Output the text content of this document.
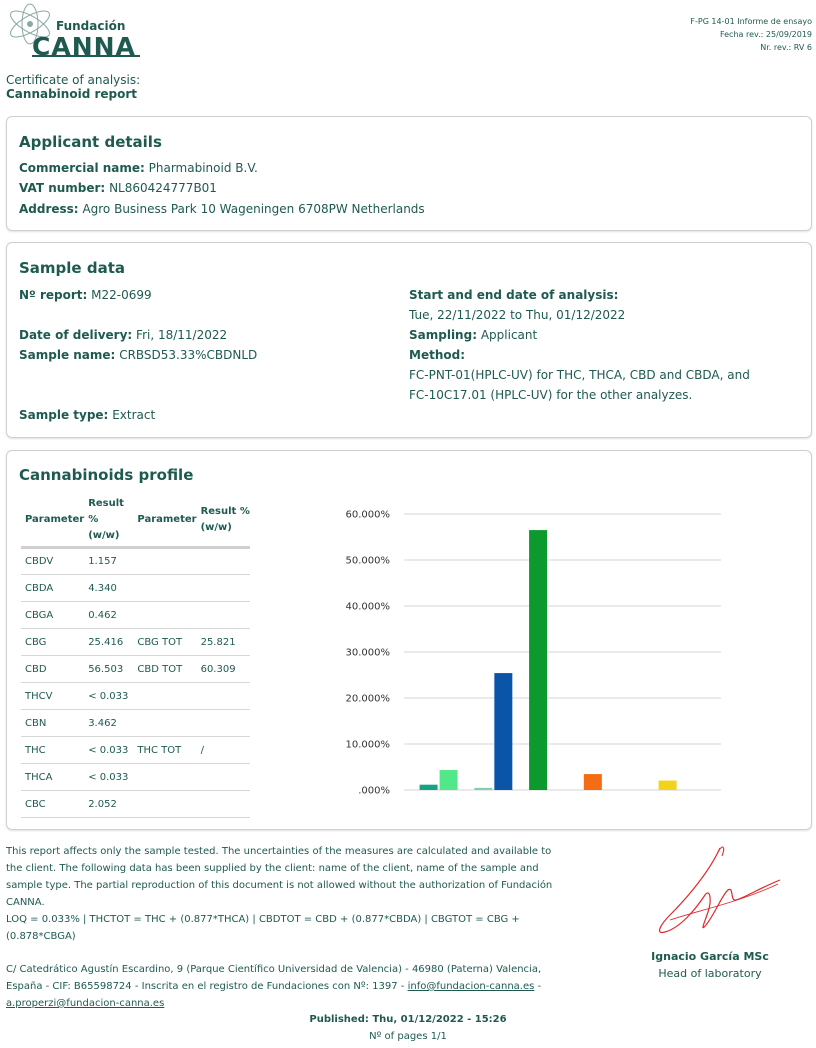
Fundación
CANNA
F-PG 14-01 Informe de ensayo
Fecha rev.: 25/09/2019
Nr. rev.: RV 6
Certificate of analysis:
Cannabinoid report
Applicant details
Commercial name: Pharmabinoid B.V.
VAT number: NL860424777B01
Address: Agro Business Park 10 Wageningen 6708PW Netherlands
Sample data
Nº report: M22-0699
Date of delivery: Fri, 18/11/2022
Sample name: CRBSD53.33%CBDNLD
Sample type: Extract
Start and end date of analysis:
Tue, 22/11/2022 to Thu, 01/12/2022
Sampling: Applicant
Method:
FC-PNT-01(HPLC-UV) for THC, THCA, CBD and CBDA, and
FC-10C17.01 (HPLC-UV) for the other analyzes.
Cannabinoids profile
Parameter	Result %
(w/w)	Parameter	Result %
(w/w)
CBDV	1.157		
CBDA	4.340		
CBGA	0.462		
CBG	25.416	CBG TOT	25.821
CBD	56.503	CBD TOT	60.309
THCV	< 0.033		
CBN	3.462		
THC	< 0.033	THC TOT	/
THCA	< 0.033		
CBC	2.052		
.000%
10.000%
20.000%
30.000%
40.000%
50.000%
60.000%
This report affects only the sample tested. The uncertainties of the measures are calculated and available to
the client. The following data has been supplied by the client: name of the client, name of the sample and
sample type. The partial reproduction of this document is not allowed without the authorization of Fundación
CANNA.
LOQ = 0.033% | THCTOT = THC + (0.877*THCA) | CBDTOT = CBD + (0.877*CBDA) | CBGTOT = CBG +
(0.878*CBGA)
C/ Catedrático Agustín Escardino, 9 (Parque Científico Universidad de Valencia) - 46980 (Paterna) Valencia,
España - CIF: B65598724 - Inscrita en el registro de Fundaciones con Nº: 1397 - info@fundacion-canna.es -
a.properzi@fundacion-canna.es
Ignacio García MSc
Head of laboratory
Published: Thu, 01/12/2022 - 15:26
Nº of pages 1/1
